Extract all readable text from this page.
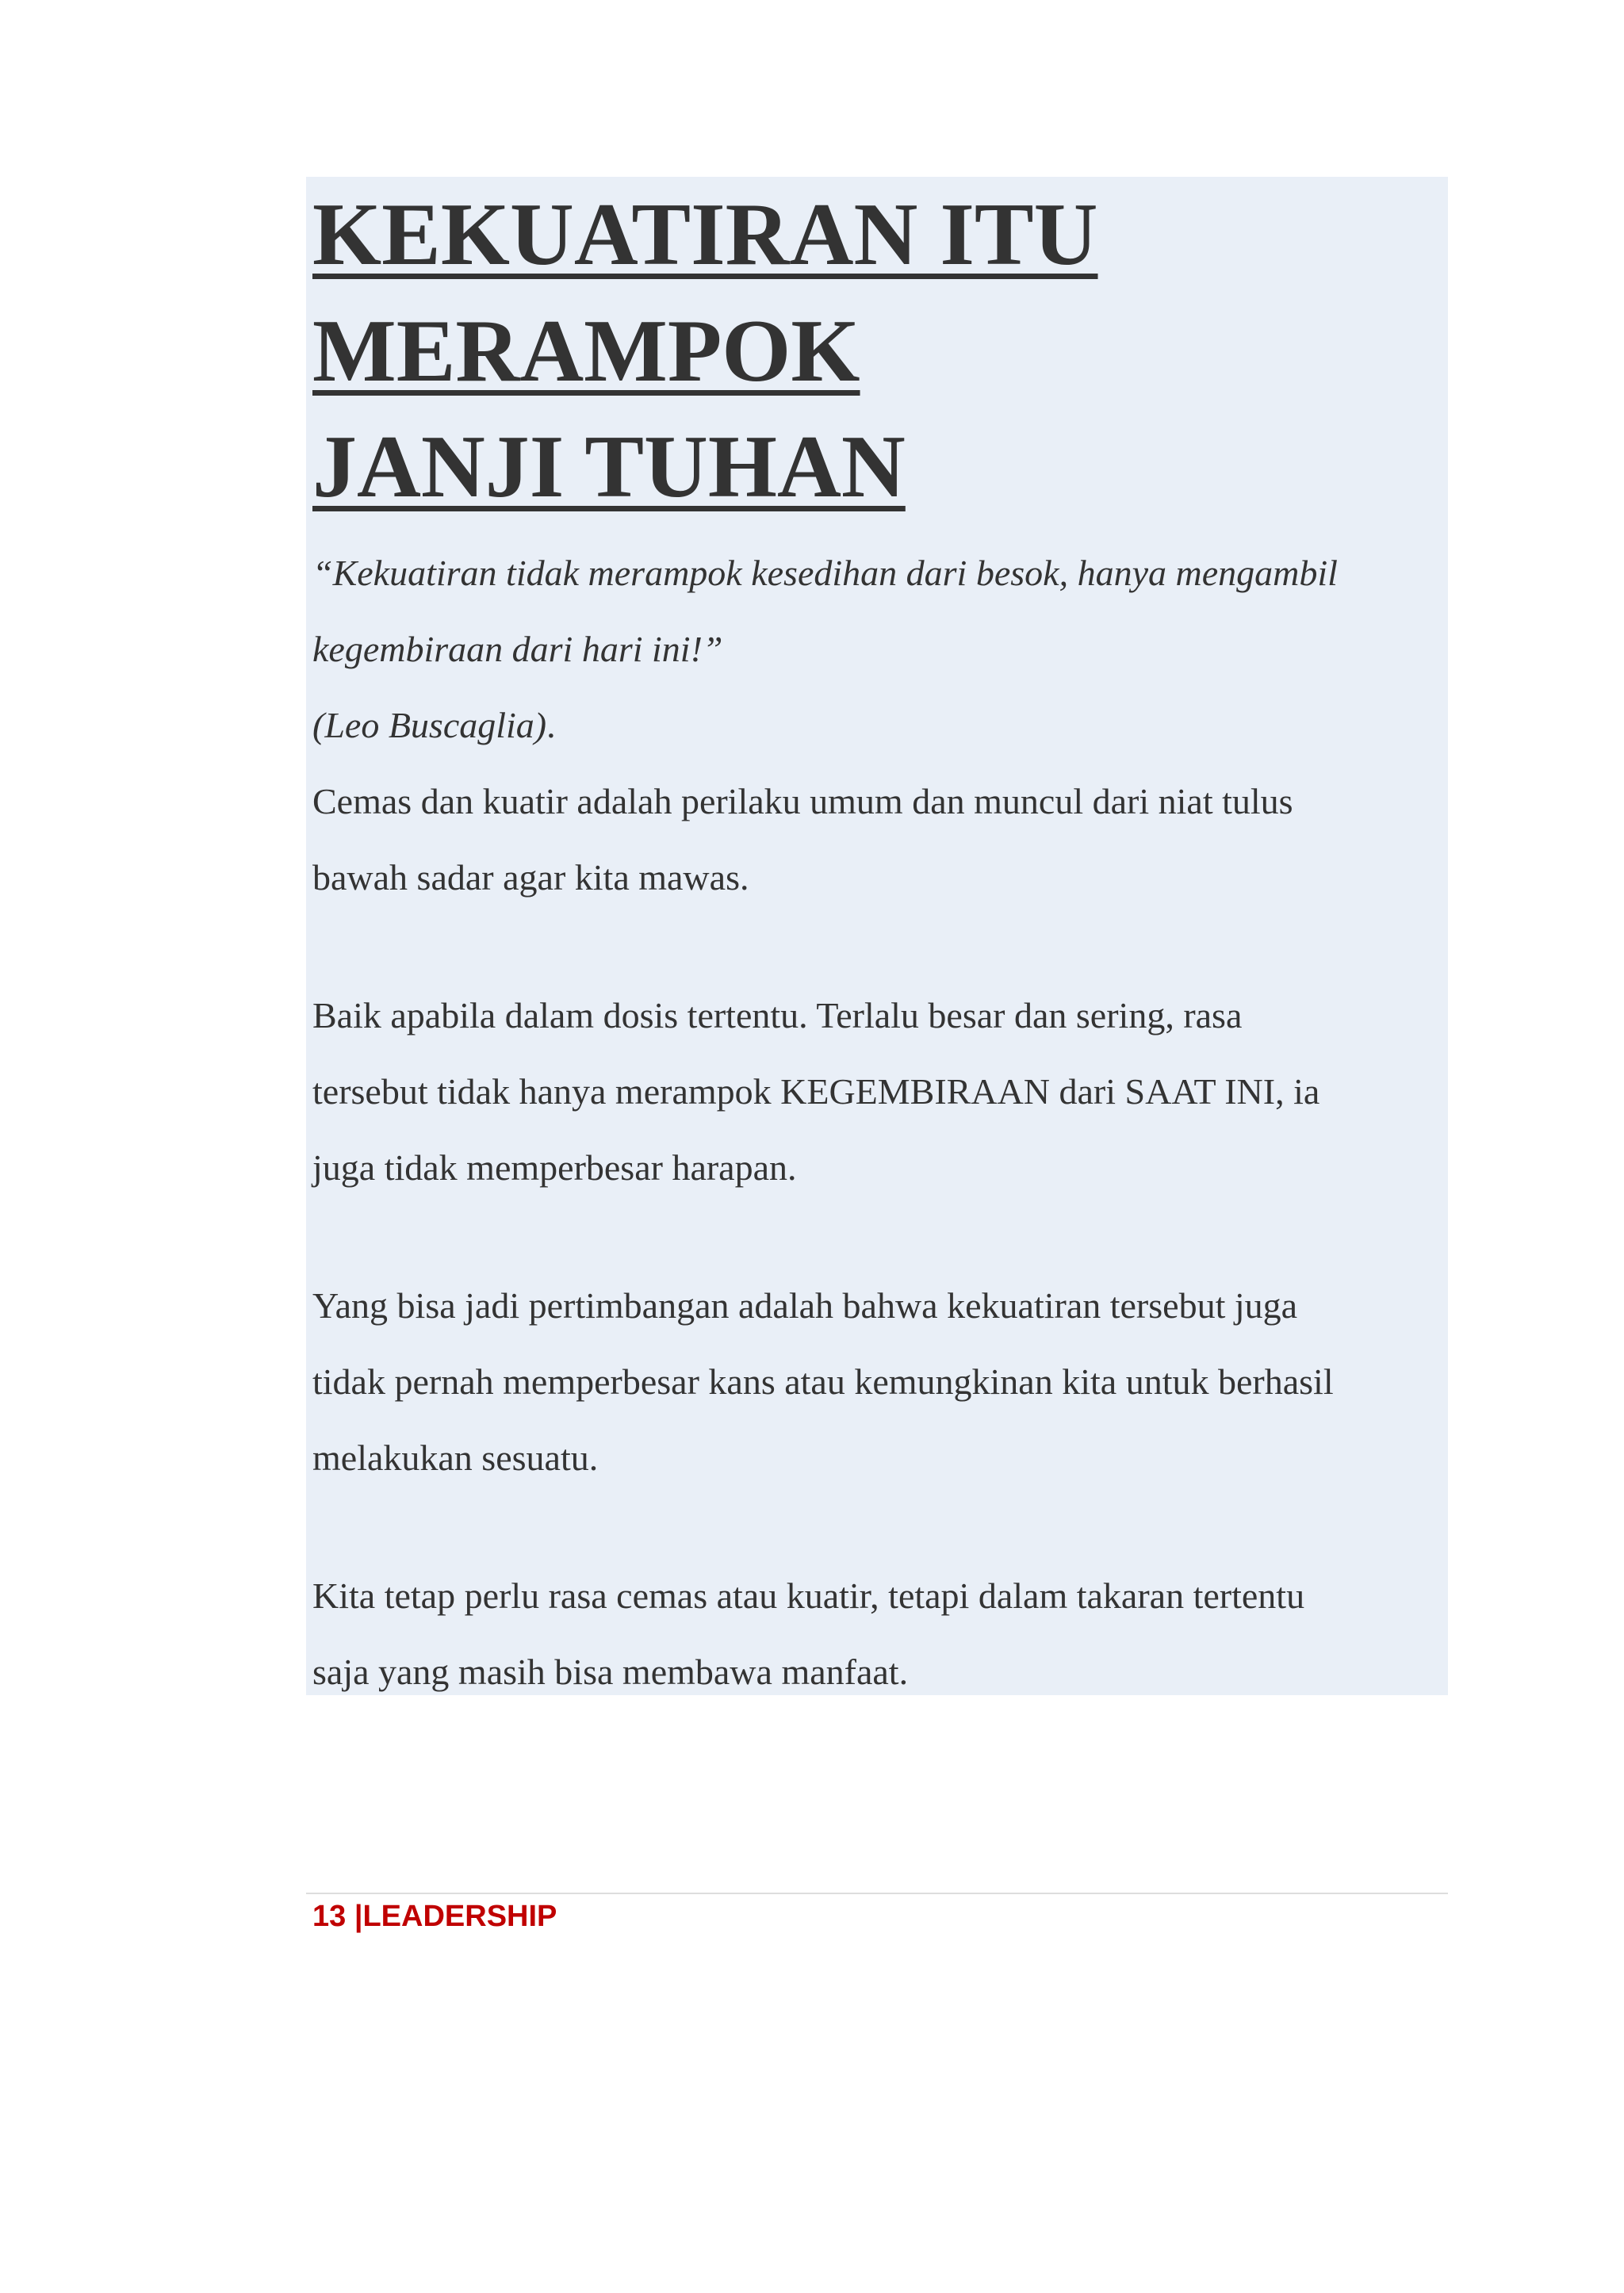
KEKUATIRAN ITU
MERAMPOK
JANJI TUHAN

“Kekuatiran tidak merampok kesedihan dari besok, hanya mengambil

kegembiraan dari hari ini!”

(Leo Buscaglia).

Cemas dan kuatir adalah perilaku umum dan muncul dari niat tulus

bawah sadar agar kita mawas.

Baik apabila dalam dosis tertentu. Terlalu besar dan sering, rasa

tersebut tidak hanya merampok KEGEMBIRAAN dari SAAT INI, ia

juga tidak memperbesar harapan.

Yang bisa jadi pertimbangan adalah bahwa kekuatiran tersebut juga

tidak pernah memperbesar kans atau kemungkinan kita untuk berhasil

melakukan sesuatu.

Kita tetap perlu rasa cemas atau kuatir, tetapi dalam takaran tertentu

saja yang masih bisa membawa manfaat.

13 |LEADERSHIP
